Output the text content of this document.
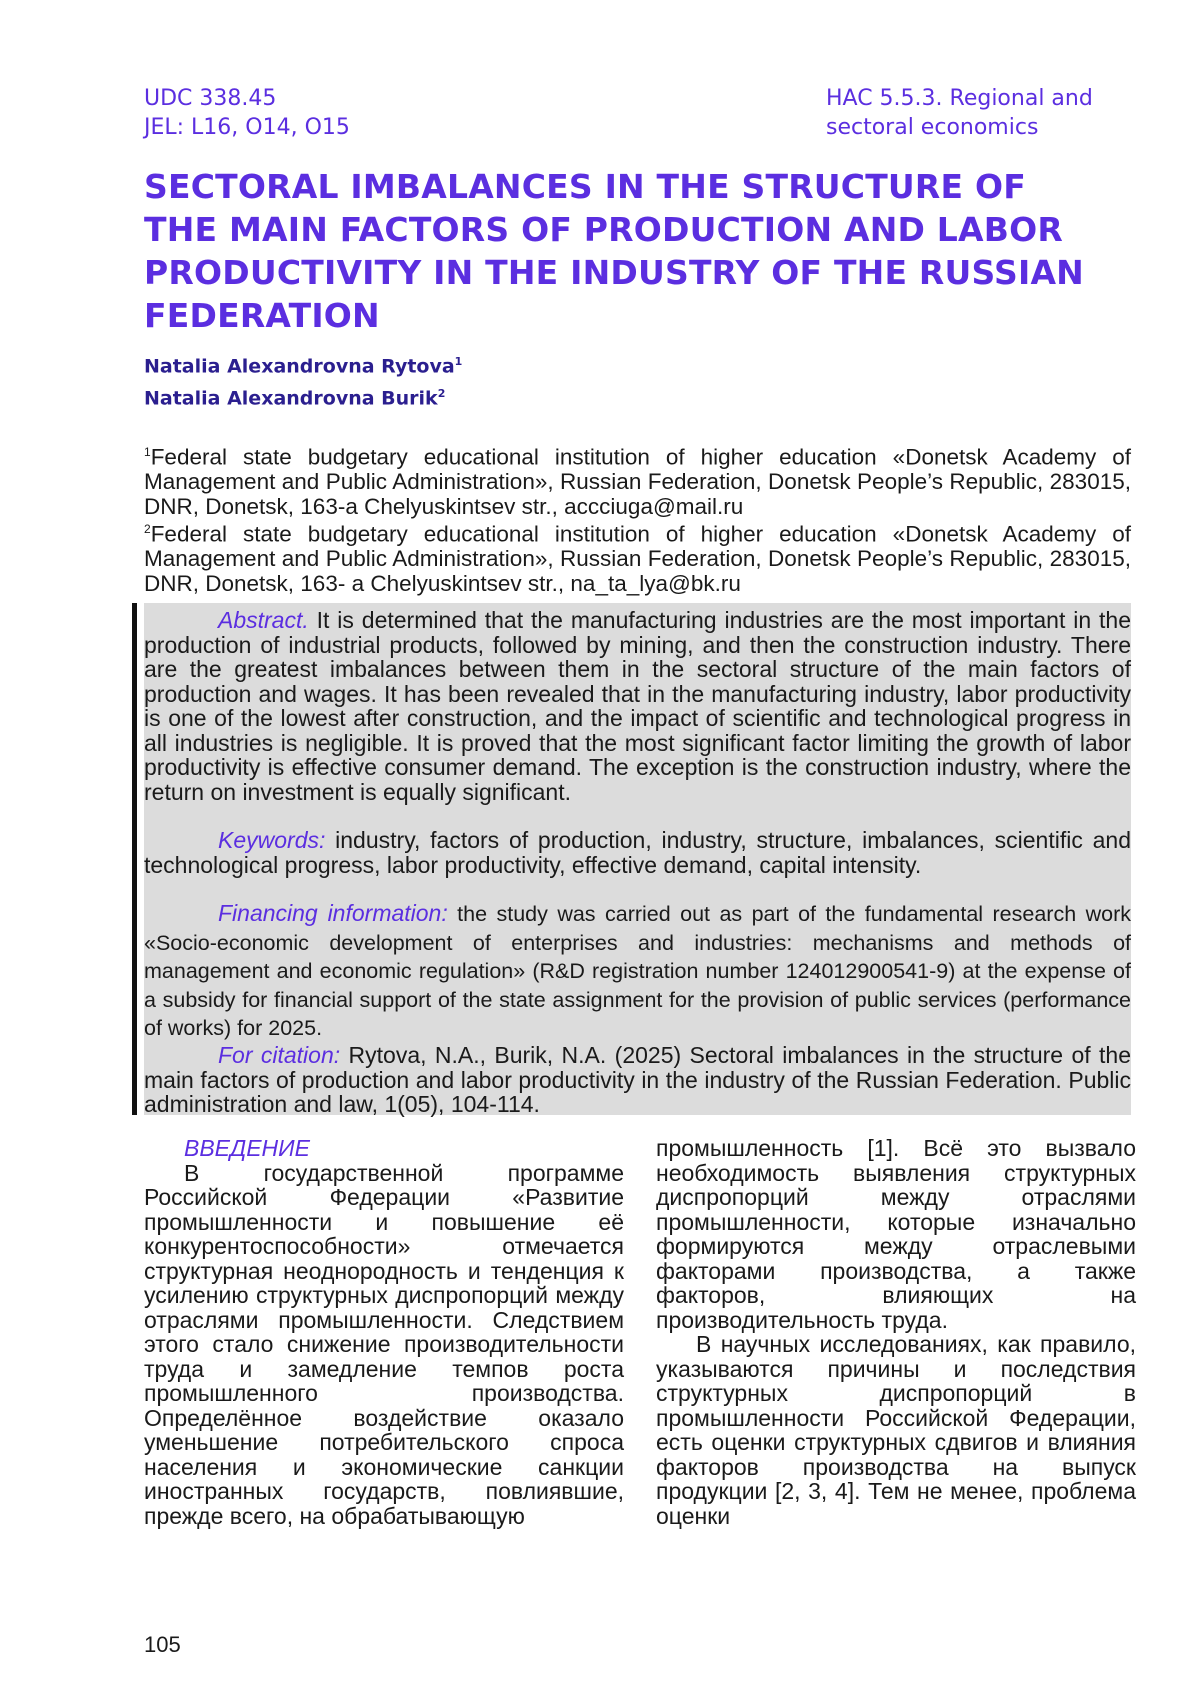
UDC 338.45
JEL: L16, O14, O15
HAC 5.5.3. Regional and
sectoral economics
SECTORAL IMBALANCES IN THE STRUCTURE OF THE MAIN FACTORS OF PRODUCTION AND LABOR PRODUCTIVITY IN THE INDUSTRY OF THE RUSSIAN FEDERATION
Natalia Alexandrovna Rytova1
Natalia Alexandrovna Burik2
1Federal state budgetary educational institution of higher education «Donetsk Academy of Management and Public Administration», Russian Federation, Donetsk People’s Republic, 283015, DNR, Donetsk, 163-a Chelyuskintsev str., accciuga@mail.ru
2Federal state budgetary educational institution of higher education «Donetsk Academy of Management and Public Administration», Russian Federation, Donetsk People’s Republic, 283015, DNR, Donetsk, 163- a Chelyuskintsev str., na_ta_lya@bk.ru
Abstract. It is determined that the manufacturing industries are the most important in the production of industrial products, followed by mining, and then the construction industry. There are the greatest imbalances between them in the sectoral structure of the main factors of production and wages. It has been revealed that in the manufacturing industry, labor productivity is one of the lowest after construction, and the impact of scientific and technological progress in all industries is negligible. It is proved that the most significant factor limiting the growth of labor productivity is effective consumer demand. The exception is the construction industry, where the return on investment is equally significant.
Keywords: industry, factors of production, industry, structure, imbalances, scientific and technological progress, labor productivity, effective demand, capital intensity.
Financing information: the study was carried out as part of the fundamental research work «Socio-economic development of enterprises and industries: mechanisms and methods of management and economic regulation» (R&D registration number 124012900541-9) at the expense of a subsidy for financial support of the state assignment for the provision of public services (performance of works) for 2025.
For citation: Rytova, N.A., Burik, N.A. (2025) Sectoral imbalances in the structure of the main factors of production and labor productivity in the industry of the Russian Federation. Public administration and law, 1(05), 104-114.
ВВЕДЕНИЕ
В государственной программе Российской Федерации «Развитие промышленности и повышение её конкурентоспособности» отмечается структурная неоднородность и тенденция к усилению структурных диспропорций между отраслями промышленности. Следствием этого стало снижение производительности труда и замедление темпов роста промышленного производства. Определённое воздействие оказало уменьшение потребительского спроса населения и экономические санкции иностранных государств, повлиявшие, прежде всего, на обрабатывающую
промышленность [1]. Всё это вызвало необходимость выявления структурных диспропорций между отраслями промышленности, которые изначально формируются между отраслевыми факторами производства, а также факторов, влияющих на производительность труда.
В научных исследованиях, как правило, указываются причины и последствия структурных диспропорций в промышленности Российской Федерации, есть оценки структурных сдвигов и влияния факторов производства на выпуск продукции [2, 3, 4]. Тем не менее, проблема оценки
105
